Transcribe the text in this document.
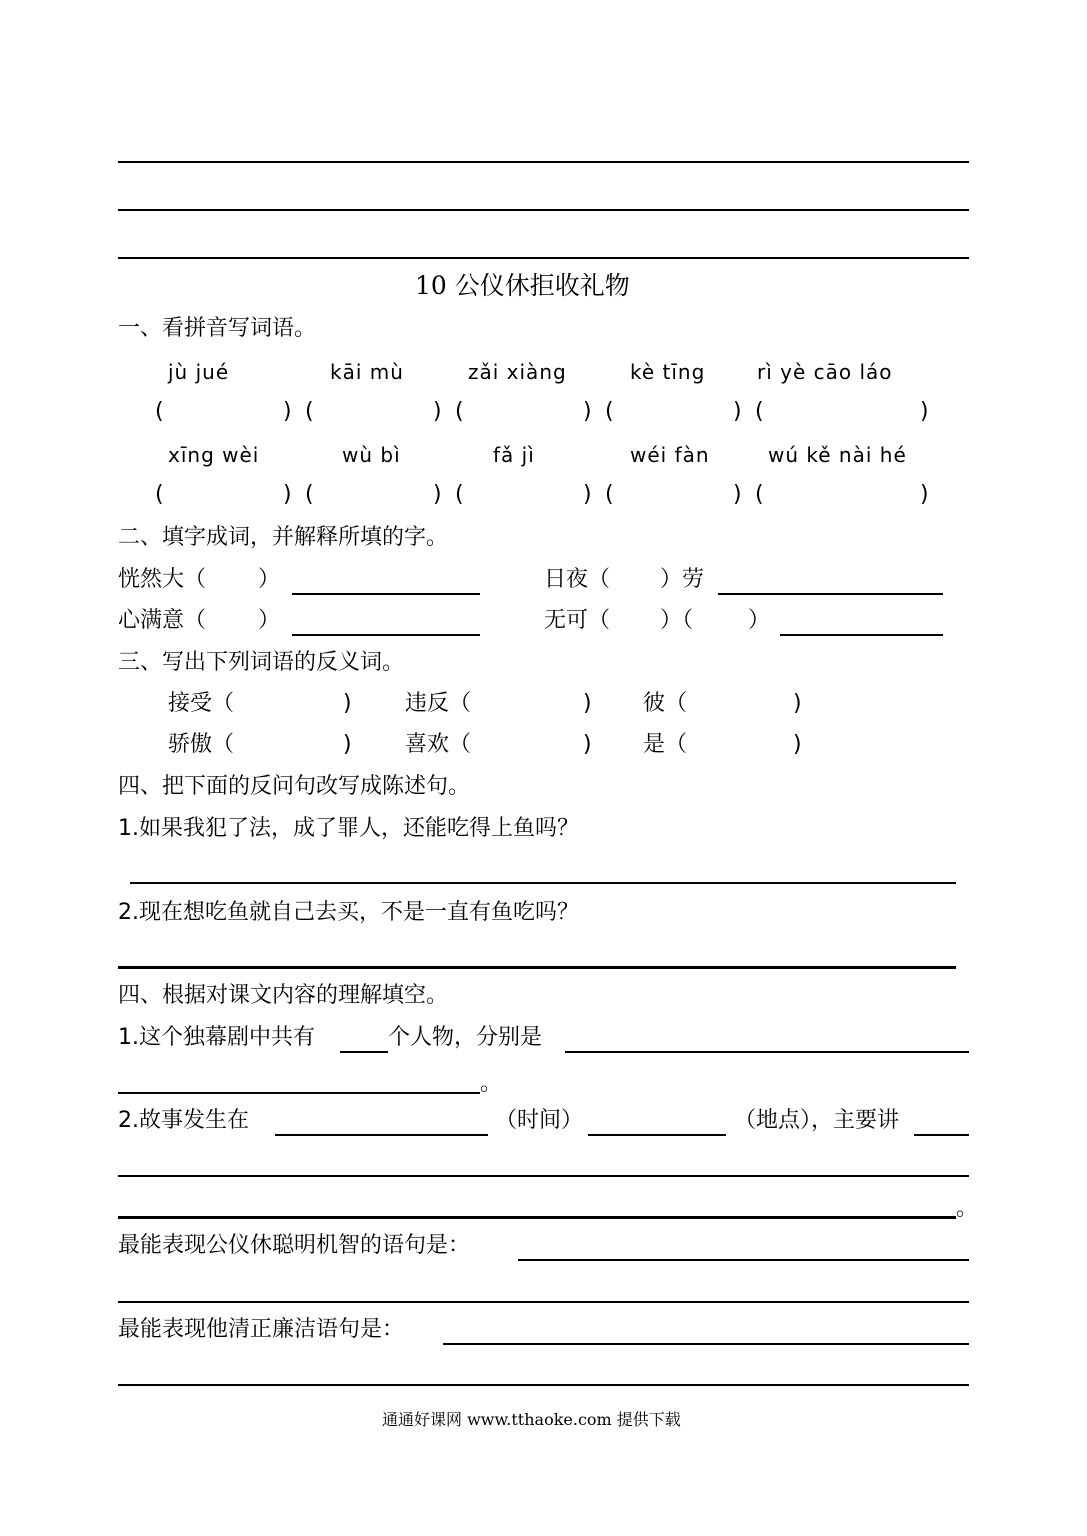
10 公仪休拒收礼物
一、看拼音写词语。
jù jué	kāi mù	zǎi xiàng	kè tīng	rì yè cāo láo
(	) (	) (	) (	) (	)
xīng wèi	wù bì	fǎ jì	wéi fàn	wú kě nài hé
(	) (	) (	) (	) (	)
二、填字成词，并解释所填的字。
恍然大（ ）	日夜（ ）劳
心满意（ ）	无可（ ）（ ）
三、写出下列词语的反义词。
接受（	) 违反（	) 彼（	)
骄傲（	) 喜欢（	) 是（	)
四、把下面的反问句改写成陈述句。
1.如果我犯了法，成了罪人，还能吃得上鱼吗？
2.现在想吃鱼就自己去买，不是一直有鱼吃吗？
四、根据对课文内容的理解填空。
1.这个独幕剧中共有	个人物，分别是
。
2.故事发生在	（时间）	（地点），主要讲
。
最能表现公仪休聪明机智的语句是：
最能表现他清正廉洁语句是：
通通好课网 www.tthaoke.com 提供下载
